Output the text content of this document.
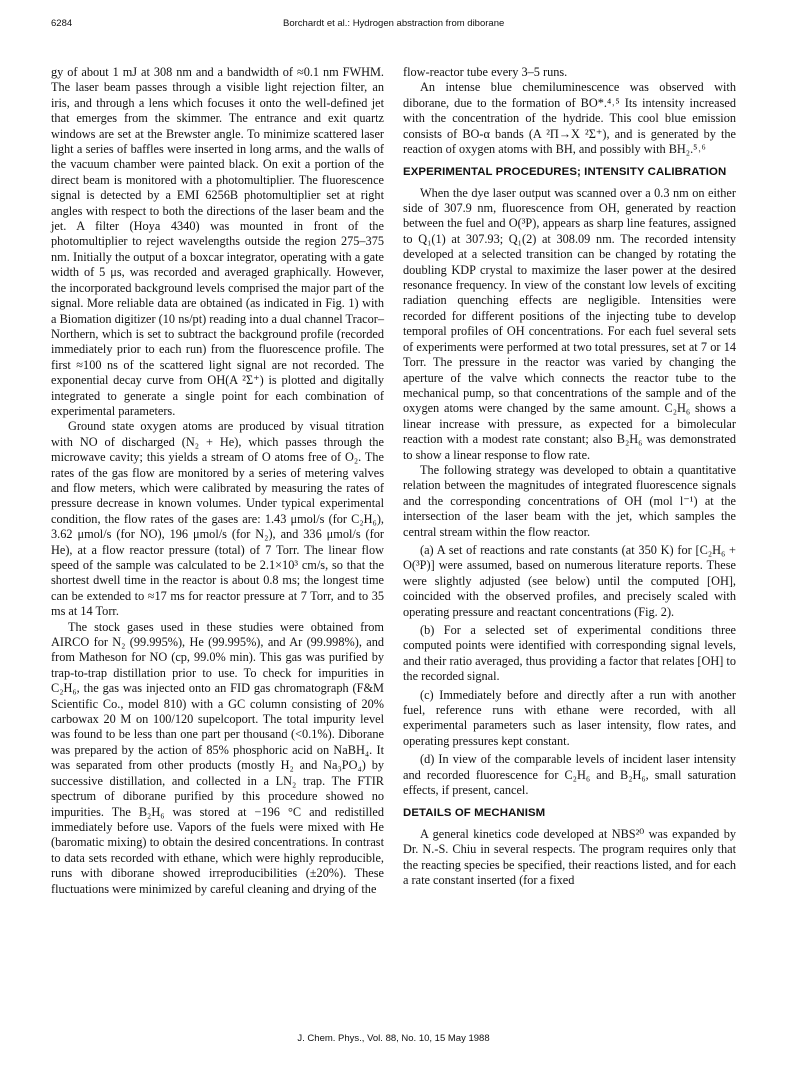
6284	Borchardt et al.: Hydrogen abstraction from diborane

gy of about 1 mJ at 308 nm and a bandwidth of ≈0.1 nm FWHM. The laser beam passes through a visible light rejection filter, an iris, and through a lens which focuses it onto the well-defined jet that emerges from the skimmer. The entrance and exit quartz windows are set at the Brewster angle. To minimize scattered laser light a series of baffles were inserted in long arms, and the walls of the vacuum chamber were painted black. On exit a portion of the direct beam is monitored with a photomultiplier. The fluorescence signal is detected by a EMI 6256B photomultiplier set at right angles with respect to both the directions of the laser beam and the jet. A filter (Hoya 4340) was mounted in front of the photomultiplier to reject wavelengths outside the region 275–375 nm. Initially the output of a boxcar integrator, operating with a gate width of 5 μs, was recorded and averaged graphically. However, the incorporated background levels comprised the major part of the signal. More reliable data are obtained (as indicated in Fig. 1) with a Biomation digitizer (10 ns/pt) reading into a dual channel Tracor–Northern, which is set to subtract the background profile (recorded immediately prior to each run) from the fluorescence profile. The first ≈100 ns of the scattered light signal are not recorded. The exponential decay curve from OH(A ²Σ⁺) is plotted and digitally integrated to generate a single point for each combination of experimental parameters.

Ground state oxygen atoms are produced by visual titration with NO of discharged (N₂ + He), which passes through the microwave cavity; this yields a stream of O atoms free of O₂. The rates of the gas flow are monitored by a series of metering valves and flow meters, which were calibrated by measuring the rates of pressure decrease in known volumes. Under typical experimental condition, the flow rates of the gases are: 1.43 μmol/s (for C₂H₆), 3.62 μmol/s (for NO), 196 μmol/s (for N₂), and 336 μmol/s (for He), at a flow reactor pressure (total) of 7 Torr. The linear flow speed of the sample was calculated to be 2.1×10³ cm/s, so that the shortest dwell time in the reactor is about 0.8 ms; the longest time can be extended to ≈17 ms for reactor pressure at 7 Torr, and to 35 ms at 14 Torr.

The stock gases used in these studies were obtained from AIRCO for N₂ (99.995%), He (99.995%), and Ar (99.998%), and from Matheson for NO (cp, 99.0% min). This gas was purified by trap-to-trap distillation prior to use. To check for impurities in C₂H₆, the gas was injected onto an FID gas chromatograph (F&M Scientific Co., model 810) with a GC column consisting of 20% carbowax 20 M on 100/120 supelcoport. The total impurity level was found to be less than one part per thousand (<0.1%). Diborane was prepared by the action of 85% phosphoric acid on NaBH₄. It was separated from other products (mostly H₂ and Na₃PO₄) by successive distillation, and collected in a LN₂ trap. The FTIR spectrum of diborane purified by this procedure showed no impurities. The B₂H₆ was stored at −196 °C and redistilled immediately before use. Vapors of the fuels were mixed with He (baromatic mixing) to obtain the desired concentrations. In contrast to data sets recorded with ethane, which were highly reproducible, runs with diborane showed irreproducibilities (±20%). These fluctuations were minimized by careful cleaning and drying of the

flow-reactor tube every 3–5 runs.

An intense blue chemiluminescence was observed with diborane, due to the formation of BO*.⁴˒⁵ Its intensity increased with the concentration of the hydride. This cool blue emission consists of BO-α bands (A ²Π→X ²Σ⁺), and is generated by the reaction of oxygen atoms with BH, and possibly with BH₂.⁵˒⁶

EXPERIMENTAL PROCEDURES; INTENSITY CALIBRATION

When the dye laser output was scanned over a 0.3 nm on either side of 307.9 nm, fluorescence from OH, generated by reaction between the fuel and O(³P), appears as sharp line features, assigned to Q₁(1) at 307.93; Q₁(2) at 308.09 nm. The recorded intensity developed at a selected transition can be changed by rotating the doubling KDP crystal to maximize the laser power at the desired resonance frequency. In view of the constant low levels of exciting radiation quenching effects are negligible. Intensities were recorded for different positions of the injecting tube to develop temporal profiles of OH concentrations. For each fuel several sets of experiments were performed at two total pressures, set at 7 or 14 Torr. The pressure in the reactor was varied by changing the aperture of the valve which connects the reactor tube to the mechanical pump, so that concentrations of the sample and of the oxygen atoms were changed by the same amount. C₂H₆ shows a linear increase with pressure, as expected for a bimolecular reaction with a modest rate constant; also B₂H₆ was demonstrated to show a linear response to flow rate.

The following strategy was developed to obtain a quantitative relation between the magnitudes of integrated fluorescence signals and the corresponding concentrations of OH (mol l⁻¹) at the intersection of the laser beam with the jet, which samples the central stream within the flow reactor.

(a) A set of reactions and rate constants (at 350 K) for [C₂H₆ + O(³P)] were assumed, based on numerous literature reports. These were slightly adjusted (see below) until the computed [OH], coincided with the observed profiles, and precisely scaled with operating pressure and reactant concentrations (Fig. 2).

(b) For a selected set of experimental conditions three computed points were identified with corresponding signal levels, and their ratio averaged, thus providing a factor that relates [OH] to the recorded signal.

(c) Immediately before and directly after a run with another fuel, reference runs with ethane were recorded, with all experimental parameters such as laser intensity, flow rates, and operating pressures kept constant.

(d) In view of the comparable levels of incident laser intensity and recorded fluorescence for C₂H₆ and B₂H₆, small saturation effects, if present, cancel.

DETAILS OF MECHANISM

A general kinetics code developed at NBS²⁰ was expanded by Dr. N.-S. Chiu in several respects. The program requires only that the reacting species be specified, their reactions listed, and for each a rate constant inserted (for a fixed

J. Chem. Phys., Vol. 88, No. 10, 15 May 1988
